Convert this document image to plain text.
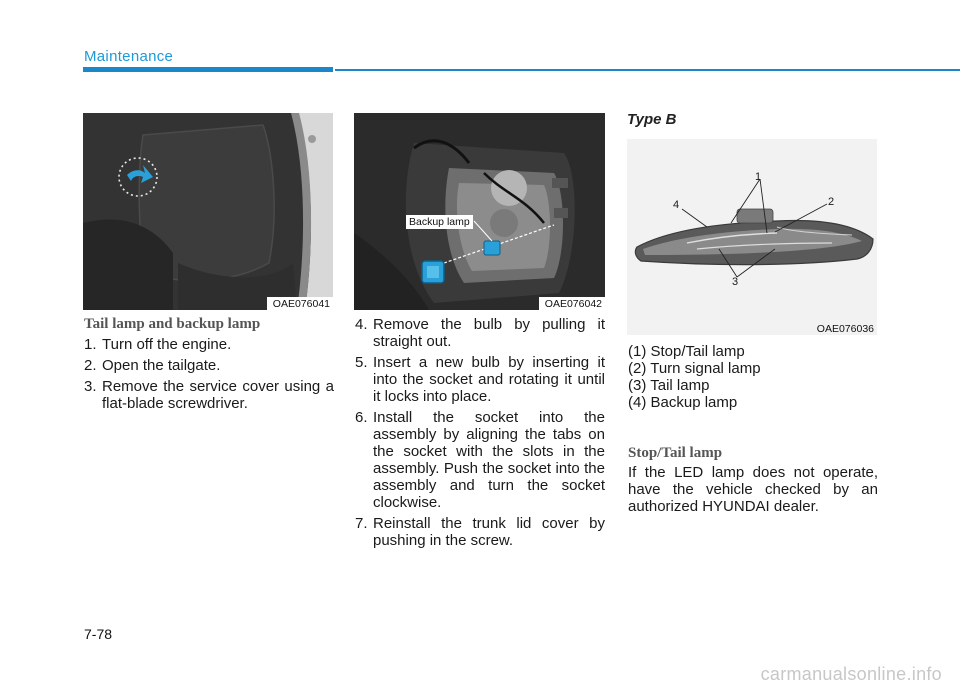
Maintenance
OAE076041
Backup lamp
OAE076042
1
2
3
4
OAE076036
Tail lamp and backup lamp
1. Turn off the engine.
2. Open the tailgate.
3. Remove the service cover using a flat-blade screwdriver.
4. Remove the bulb by pulling it straight out.
5. Insert a new bulb by inserting it into the socket and rotating it until it locks into place.
6. Install the socket into the assembly by aligning the tabs on the socket with the slots in the assembly. Push the socket into the assembly and turn the socket clockwise.
7. Reinstall the trunk lid cover by pushing in the screw.
Type B

(1) Stop/Tail lamp

(2) Turn signal lamp

(3) Tail lamp

(4) Backup lamp

Stop/Tail lamp
If the LED lamp does not operate, have the vehicle checked by an authorized HYUNDAI dealer.
7-78
carmanualsonline.info
